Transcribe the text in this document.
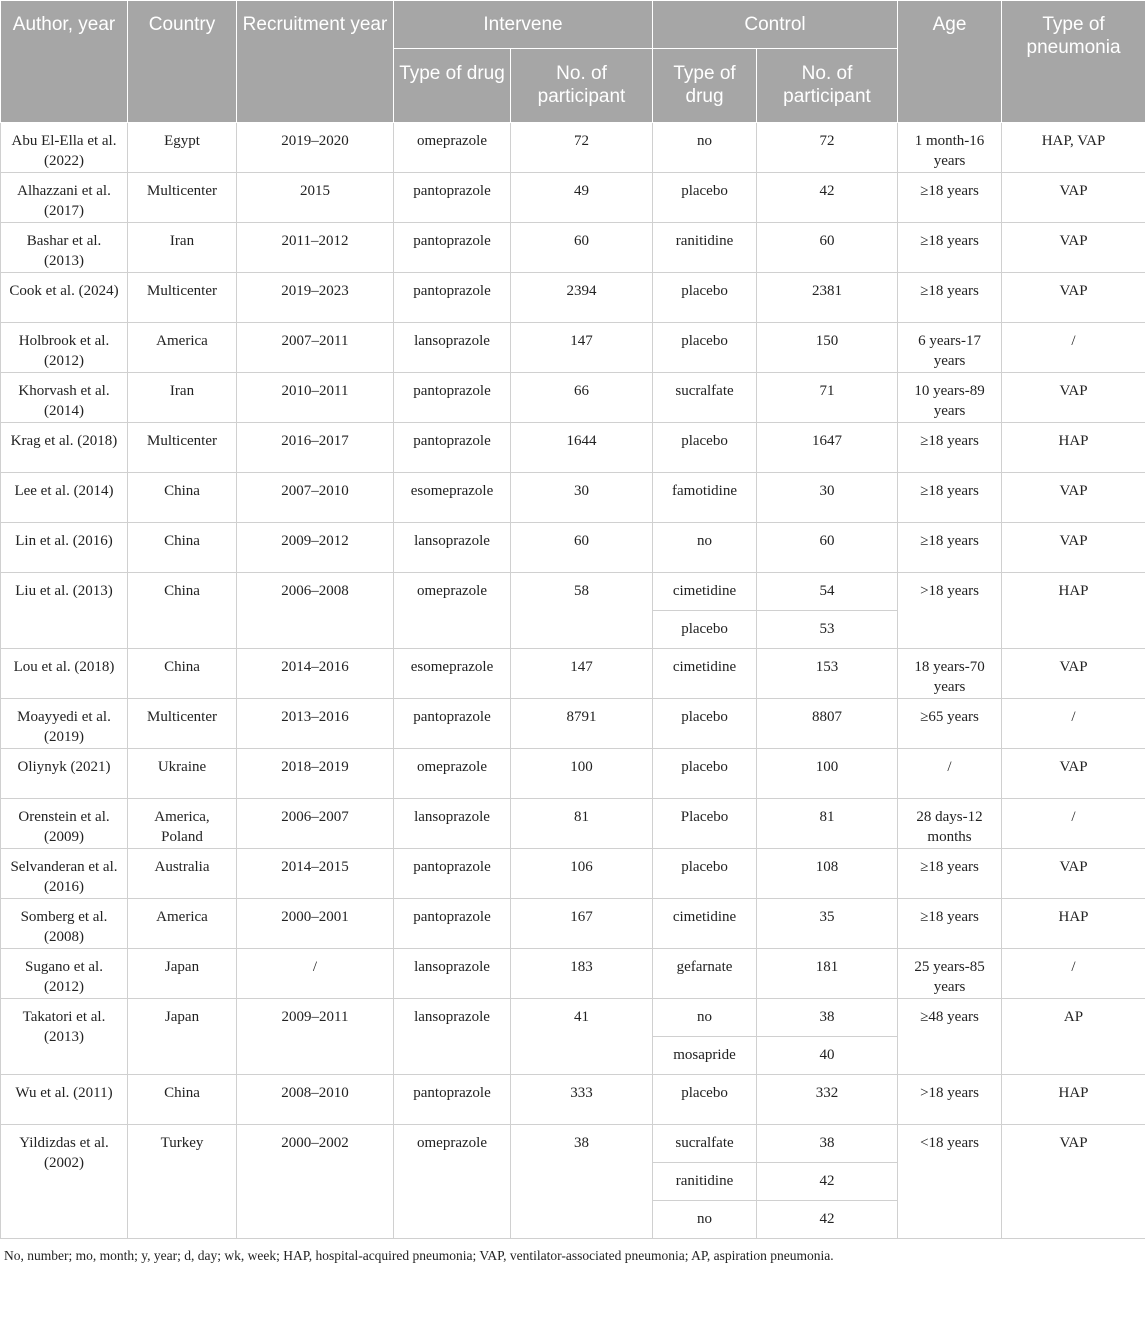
Author, year	Country	Recruitment year	Intervene		Control		Age	Type of pneumonia
			Type of drug	No. of participant	Type of drug	No. of participant		
Abu El-Ella et al. (2022)	Egypt	2019–2020	omeprazole	72	no	72	1 month-16 years	HAP, VAP
Alhazzani et al. (2017)	Multicenter	2015	pantoprazole	49	placebo	42	≥18 years	VAP
Bashar et al. (2013)	Iran	2011–2012	pantoprazole	60	ranitidine	60	≥18 years	VAP
Cook et al. (2024)	Multicenter	2019–2023	pantoprazole	2394	placebo	2381	≥18 years	VAP
Holbrook et al. (2012)	America	2007–2011	lansoprazole	147	placebo	150	6 years-17 years	/
Khorvash et al. (2014)	Iran	2010–2011	pantoprazole	66	sucralfate	71	10 years-89 years	VAP
Krag et al. (2018)	Multicenter	2016–2017	pantoprazole	1644	placebo	1647	≥18 years	HAP
Lee et al. (2014)	China	2007–2010	esomeprazole	30	famotidine	30	≥18 years	VAP
Lin et al. (2016)	China	2009–2012	lansoprazole	60	no	60	≥18 years	VAP
Liu et al. (2013)	China	2006–2008	omeprazole	58	cimetidine	54	>18 years	HAP
					placebo	53		
Lou et al. (2018)	China	2014–2016	esomeprazole	147	cimetidine	153	18 years-70 years	VAP
Moayyedi et al. (2019)	Multicenter	2013–2016	pantoprazole	8791	placebo	8807	≥65 years	/
Oliynyk (2021)	Ukraine	2018–2019	omeprazole	100	placebo	100	/	VAP
Orenstein et al. (2009)	America, Poland	2006–2007	lansoprazole	81	Placebo	81	28 days-12 months	/
Selvanderan et al. (2016)	Australia	2014–2015	pantoprazole	106	placebo	108	≥18 years	VAP
Somberg et al. (2008)	America	2000–2001	pantoprazole	167	cimetidine	35	≥18 years	HAP
Sugano et al. (2012)	Japan	/	lansoprazole	183	gefarnate	181	25 years-85 years	/
Takatori et al. (2013)	Japan	2009–2011	lansoprazole	41	no	38	≥48 years	AP
					mosapride	40		
Wu et al. (2011)	China	2008–2010	pantoprazole	333	placebo	332	>18 years	HAP
Yildizdas et al. (2002)	Turkey	2000–2002	omeprazole	38	sucralfate	38	<18 years	VAP
					ranitidine	42		
					no	42		
No, number; mo, month; y, year; d, day; wk, week; HAP, hospital-acquired pneumonia; VAP, ventilator-associated pneumonia; AP, aspiration pneumonia.
